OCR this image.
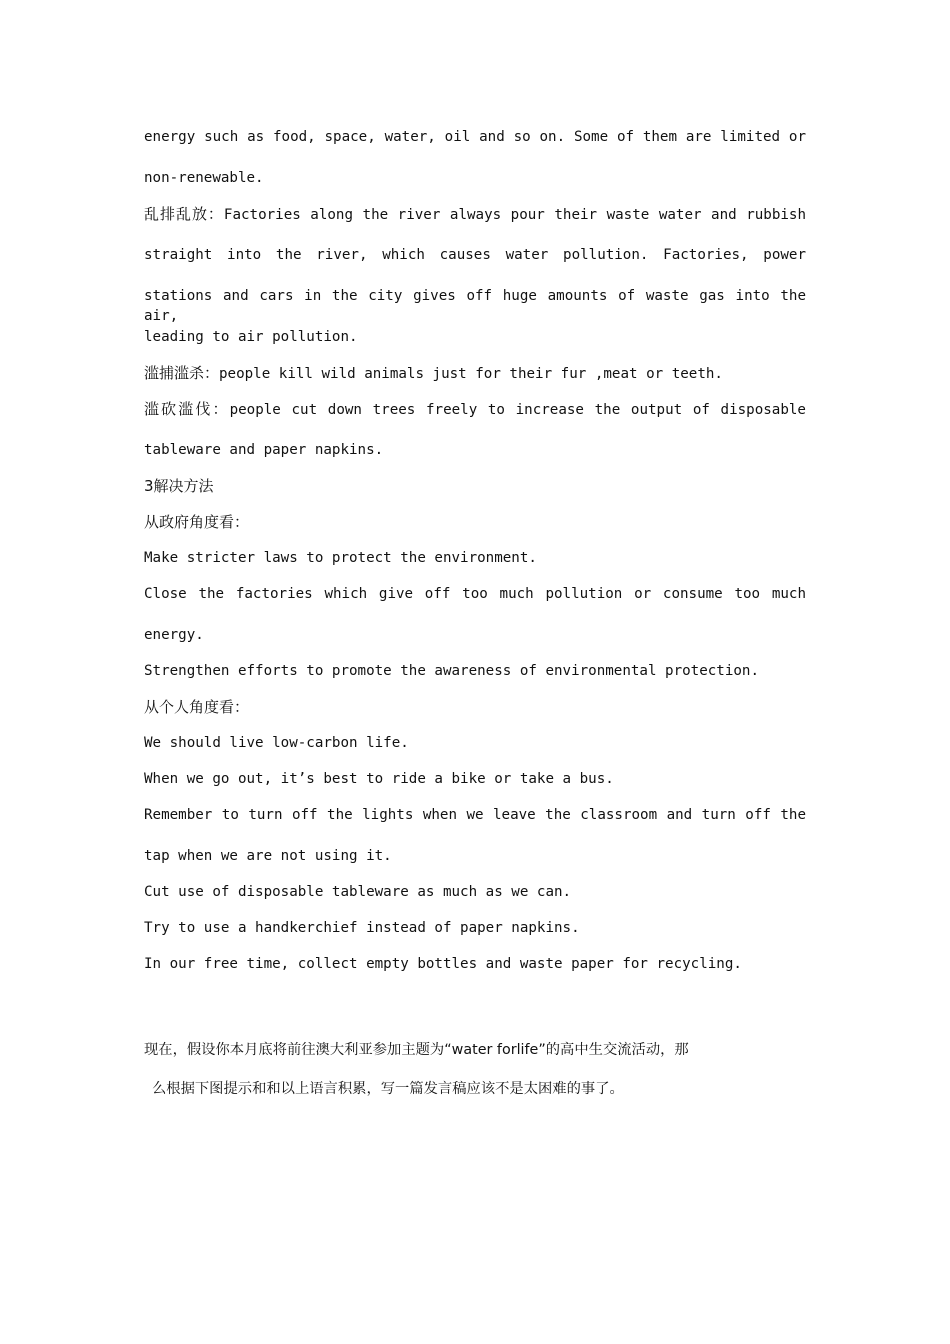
energy such as food, space, water, oil and so on. Some of them are limited or

non-renewable.

乱排乱放：Factories along the river always pour their waste water and rubbish

straight into the river, which causes water pollution. Factories, power

stations and cars in the city gives off huge amounts of waste gas into the air,

leading to air pollution.

滥捕滥杀：people kill wild animals just for their fur ,meat or teeth.

滥砍滥伐：people cut down trees freely to increase the output of disposable

tableware and paper napkins.

3解决方法

从政府角度看：

Make stricter laws to protect the environment.

Close the factories which give off too much pollution or consume too much

energy.

Strengthen efforts to promote the awareness of environmental protection.

从个人角度看：

We should live low-carbon life.

When we go out, it’s best to ride a bike or take a bus.

Remember to turn off the lights when we leave the classroom and turn off the

tap when we are not using it.

Cut use of disposable tableware as much as we can.

Try to use a handkerchief instead of paper napkins.

In our free time, collect empty bottles and waste paper for recycling.

现在，假设你本月底将前往澳大利亚参加主题为“water forlife”的高中生交流活动，那

么根据下图提示和和以上语言积累，写一篇发言稿应该不是太困难的事了。
